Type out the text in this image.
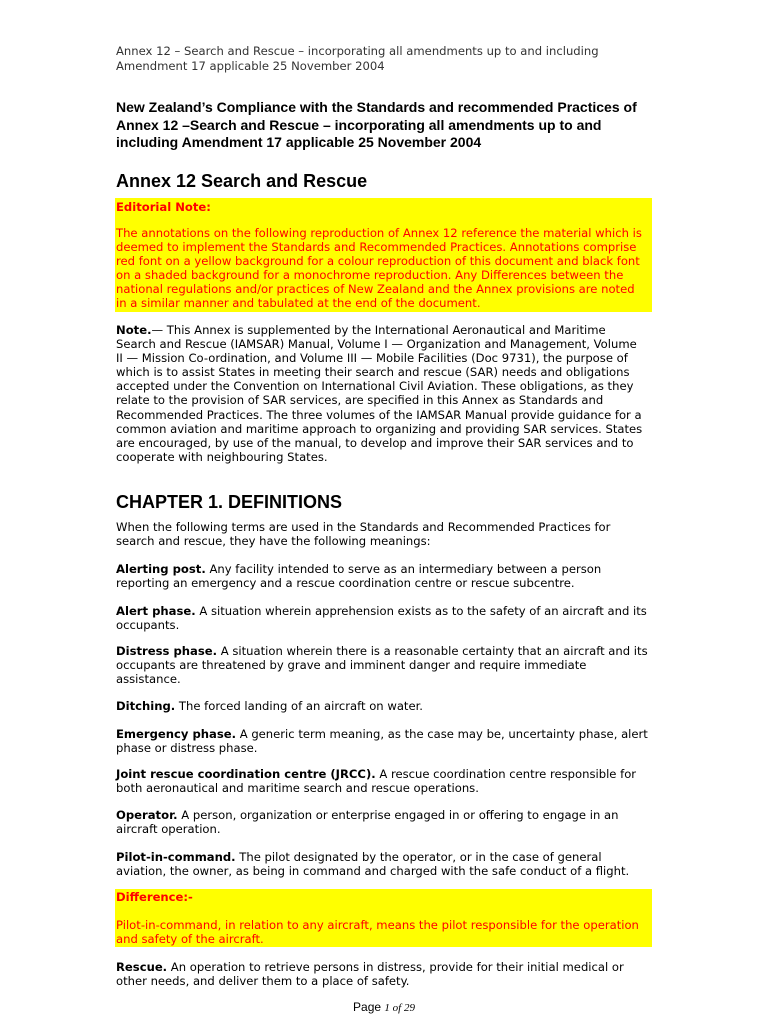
Annex 12 – Search and Rescue – incorporating all amendments up to and including
Amendment 17 applicable 25 November 2004
New Zealand’s Compliance with the Standards and recommended Practices of
Annex 12 –Search and Rescue – incorporating all amendments up to and
including Amendment 17 applicable 25 November 2004
Annex 12 Search and Rescue
Editorial Note:
The annotations on the following reproduction of Annex 12 reference the material which is
deemed to implement the Standards and Recommended Practices. Annotations comprise
red font on a yellow background for a colour reproduction of this document and black font
on a shaded background for a monochrome reproduction. Any Differences between the
national regulations and/or practices of New Zealand and the Annex provisions are noted
in a similar manner and tabulated at the end of the document.
Note.— This Annex is supplemented by the International Aeronautical and Maritime
Search and Rescue (IAMSAR) Manual, Volume I — Organization and Management, Volume
II — Mission Co-ordination, and Volume III — Mobile Facilities (Doc 9731), the purpose of
which is to assist States in meeting their search and rescue (SAR) needs and obligations
accepted under the Convention on International Civil Aviation. These obligations, as they
relate to the provision of SAR services, are specified in this Annex as Standards and
Recommended Practices. The three volumes of the IAMSAR Manual provide guidance for a
common aviation and maritime approach to organizing and providing SAR services. States
are encouraged, by use of the manual, to develop and improve their SAR services and to
cooperate with neighbouring States.
CHAPTER 1. DEFINITIONS
When the following terms are used in the Standards and Recommended Practices for
search and rescue, they have the following meanings:
Alerting post. Any facility intended to serve as an intermediary between a person
reporting an emergency and a rescue coordination centre or rescue subcentre.
Alert phase. A situation wherein apprehension exists as to the safety of an aircraft and its
occupants.
Distress phase. A situation wherein there is a reasonable certainty that an aircraft and its
occupants are threatened by grave and imminent danger and require immediate
assistance.
Ditching. The forced landing of an aircraft on water.
Emergency phase. A generic term meaning, as the case may be, uncertainty phase, alert
phase or distress phase.
Joint rescue coordination centre (JRCC). A rescue coordination centre responsible for
both aeronautical and maritime search and rescue operations.
Operator. A person, organization or enterprise engaged in or offering to engage in an
aircraft operation.
Pilot-in-command. The pilot designated by the operator, or in the case of general
aviation, the owner, as being in command and charged with the safe conduct of a flight.
Difference:-
Pilot-in-command, in relation to any aircraft, means the pilot responsible for the operation
and safety of the aircraft.
Rescue. An operation to retrieve persons in distress, provide for their initial medical or
other needs, and deliver them to a place of safety.
Page 1 of 29
